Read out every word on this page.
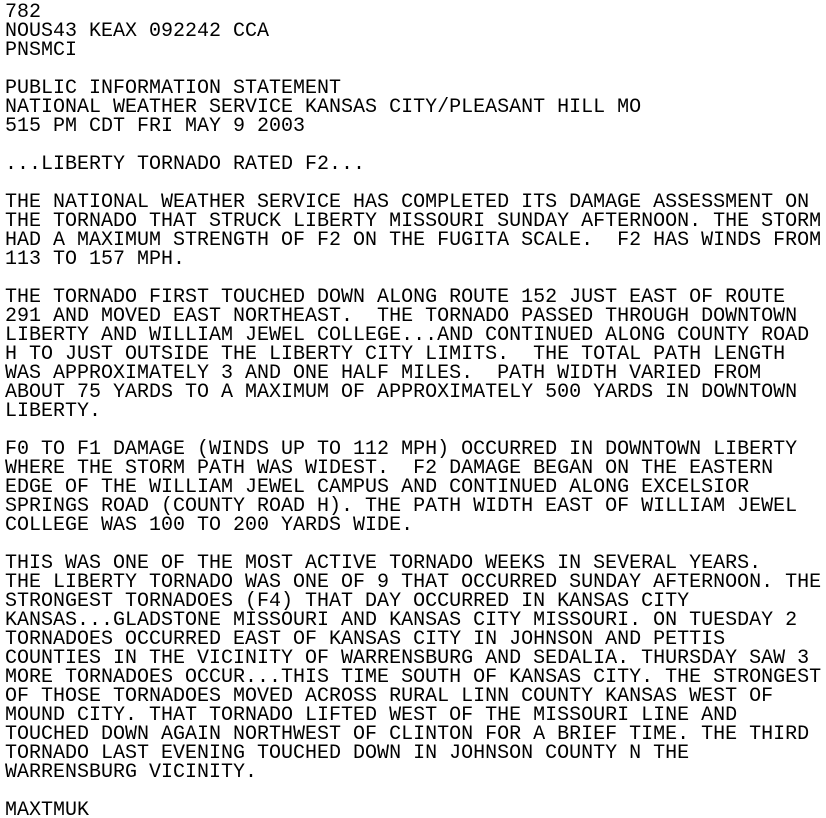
782
NOUS43 KEAX 092242 CCA
PNSMCI
PUBLIC INFORMATION STATEMENT
NATIONAL WEATHER SERVICE KANSAS CITY/PLEASANT HILL MO
515 PM CDT FRI MAY 9 2003
...LIBERTY TORNADO RATED F2...
THE NATIONAL WEATHER SERVICE HAS COMPLETED ITS DAMAGE ASSESSMENT ON
THE TORNADO THAT STRUCK LIBERTY MISSOURI SUNDAY AFTERNOON. THE STORM
HAD A MAXIMUM STRENGTH OF F2 ON THE FUGITA SCALE.  F2 HAS WINDS FROM
113 TO 157 MPH.
THE TORNADO FIRST TOUCHED DOWN ALONG ROUTE 152 JUST EAST OF ROUTE
291 AND MOVED EAST NORTHEAST.  THE TORNADO PASSED THROUGH DOWNTOWN
LIBERTY AND WILLIAM JEWEL COLLEGE...AND CONTINUED ALONG COUNTY ROAD
H TO JUST OUTSIDE THE LIBERTY CITY LIMITS.  THE TOTAL PATH LENGTH
WAS APPROXIMATELY 3 AND ONE HALF MILES.  PATH WIDTH VARIED FROM
ABOUT 75 YARDS TO A MAXIMUM OF APPROXIMATELY 500 YARDS IN DOWNTOWN
LIBERTY.
F0 TO F1 DAMAGE (WINDS UP TO 112 MPH) OCCURRED IN DOWNTOWN LIBERTY
WHERE THE STORM PATH WAS WIDEST.  F2 DAMAGE BEGAN ON THE EASTERN
EDGE OF THE WILLIAM JEWEL CAMPUS AND CONTINUED ALONG EXCELSIOR
SPRINGS ROAD (COUNTY ROAD H). THE PATH WIDTH EAST OF WILLIAM JEWEL
COLLEGE WAS 100 TO 200 YARDS WIDE.
THIS WAS ONE OF THE MOST ACTIVE TORNADO WEEKS IN SEVERAL YEARS.
THE LIBERTY TORNADO WAS ONE OF 9 THAT OCCURRED SUNDAY AFTERNOON. THE
STRONGEST TORNADOES (F4) THAT DAY OCCURRED IN KANSAS CITY
KANSAS...GLADSTONE MISSOURI AND KANSAS CITY MISSOURI. ON TUESDAY 2
TORNADOES OCCURRED EAST OF KANSAS CITY IN JOHNSON AND PETTIS
COUNTIES IN THE VICINITY OF WARRENSBURG AND SEDALIA. THURSDAY SAW 3
MORE TORNADOES OCCUR...THIS TIME SOUTH OF KANSAS CITY. THE STRONGEST
OF THOSE TORNADOES MOVED ACROSS RURAL LINN COUNTY KANSAS WEST OF
MOUND CITY. THAT TORNADO LIFTED WEST OF THE MISSOURI LINE AND
TOUCHED DOWN AGAIN NORTHWEST OF CLINTON FOR A BRIEF TIME. THE THIRD
TORNADO LAST EVENING TOUCHED DOWN IN JOHNSON COUNTY N THE
WARRENSBURG VICINITY.
MAXTMUK
